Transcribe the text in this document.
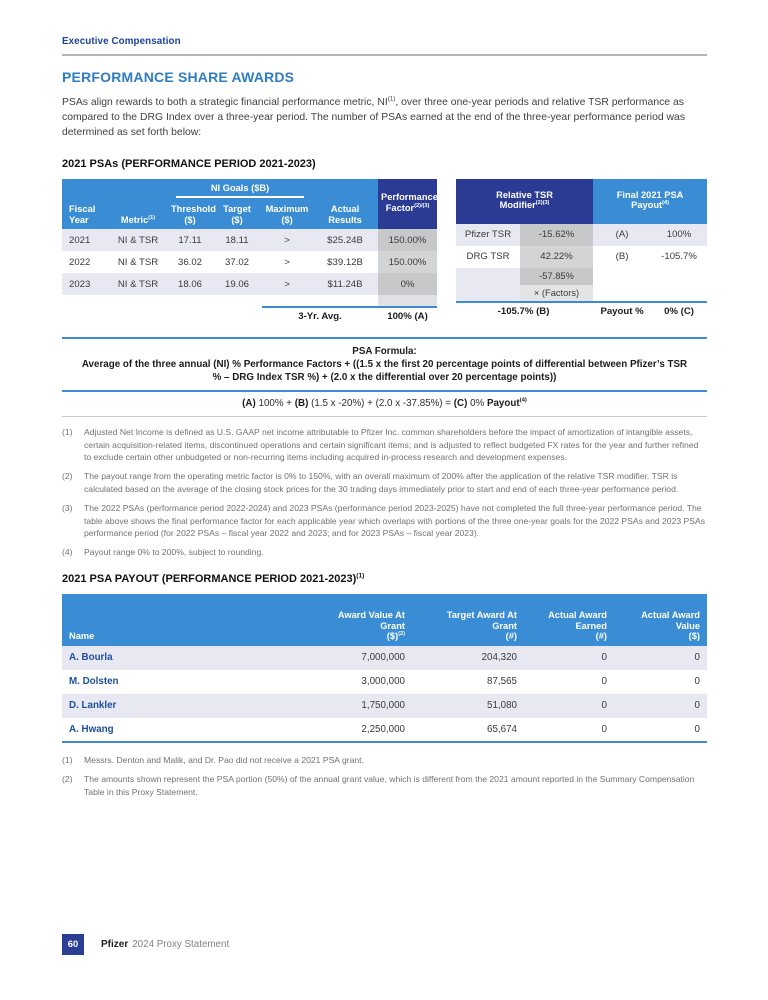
Executive Compensation
PERFORMANCE SHARE AWARDS

PSAs align rewards to both a strategic financial performance metric, NI$^{(1)}$, over three one-year periods and relative TSR performance as compared to the DRG Index over a three-year period. The number of PSAs earned at the end of the three-year performance period was determined as set forth below:

2021 PSAs (PERFORMANCE PERIOD 2021-2023)

		NI Goals ($B)				Performance
Factor$^{(2)/(3)}$
Fiscal
Year	Metric$^{(1)}$	Threshold
($)	Target
($)	Maximum
($)	Actual
Results	
2021	NI & TSR	17.11	18.11	>	$25.24B	150.00%
2022	NI & TSR	36.02	37.02	>	$39.12B	150.00%
2023	NI & TSR	18.06	19.06	>	$11.24B	0%

				3-Yr. Avg.		100% (A)
Relative TSR
Modifier$^{(2)(3)}$		Final 2021 PSA
Payout$^{(4)}$
Pfizer TSR	-15.62%	(A)	100%
DRG TSR	42.22%	(B)	-105.7%
	-57.85%		
	× (Factors)		
-105.7% (B)		Payout %	0% (C)
PSA Formula:
Average of the three annual (NI) % Performance Factors + ((1.5 x the first 20 percentage points of differential between Pfizer’s TSR % – DRG Index TSR %) + (2.0 x the differential over 20 percentage points))
(A) 100% + (B) (1.5 x -20%) + (2.0 x -37.85%) = (C) 0% Payout$^{(4)}$
(1)	Adjusted Net Income is defined as U.S. GAAP net income attributable to Pfizer Inc. common shareholders before the impact of amortization of intangible assets, certain acquisition-related items, discontinued operations and certain significant items; and is adjusted to reflect budgeted FX rates for the year and further refined to exclude certain other unbudgeted or non-recurring items including acquired in-process research and development expenses.
(2)	The payout range from the operating metric factor is 0% to 150%, with an overall maximum of 200% after the application of the relative TSR modifier. TSR is calculated based on the average of the closing stock prices for the 30 trading days immediately prior to start and end of each three-year performance period.
(3)	The 2022 PSAs (performance period 2022-2024) and 2023 PSAs (performance period 2023-2025) have not completed the full three-year performance period. The table above shows the final performance factor for each applicable year which overlaps with portions of the three one-year goals for the 2022 PSAs and 2023 PSAs performance period (for 2022 PSAs – fiscal year 2022 and 2023; and for 2023 PSAs – fiscal year 2023).
(4)	Payout range 0% to 200%, subject to rounding.
2021 PSA PAYOUT (PERFORMANCE PERIOD 2021-2023)$^{(1)}$
Name	Award Value At
Grant
($)$^{(2)}$	Target Award At
Grant
(#)	Actual Award
Earned
(#)	Actual Award
Value
($)

A. Bourla	7,000,000	204,320	0	0
M. Dolsten	3,000,000	87,565	0	0
D. Lankler	1,750,000	51,080	0	0
A. Hwang	2,250,000	65,674	0	0
(1)	Messrs. Denton and Malik, and Dr. Pao did not receive a 2021 PSA grant.
(2)	The amounts shown represent the PSA portion (50%) of the annual grant value, which is different from the 2021 amount reported in the Summary Compensation Table in this Proxy Statement.
60	Pfizer 2024 Proxy Statement
